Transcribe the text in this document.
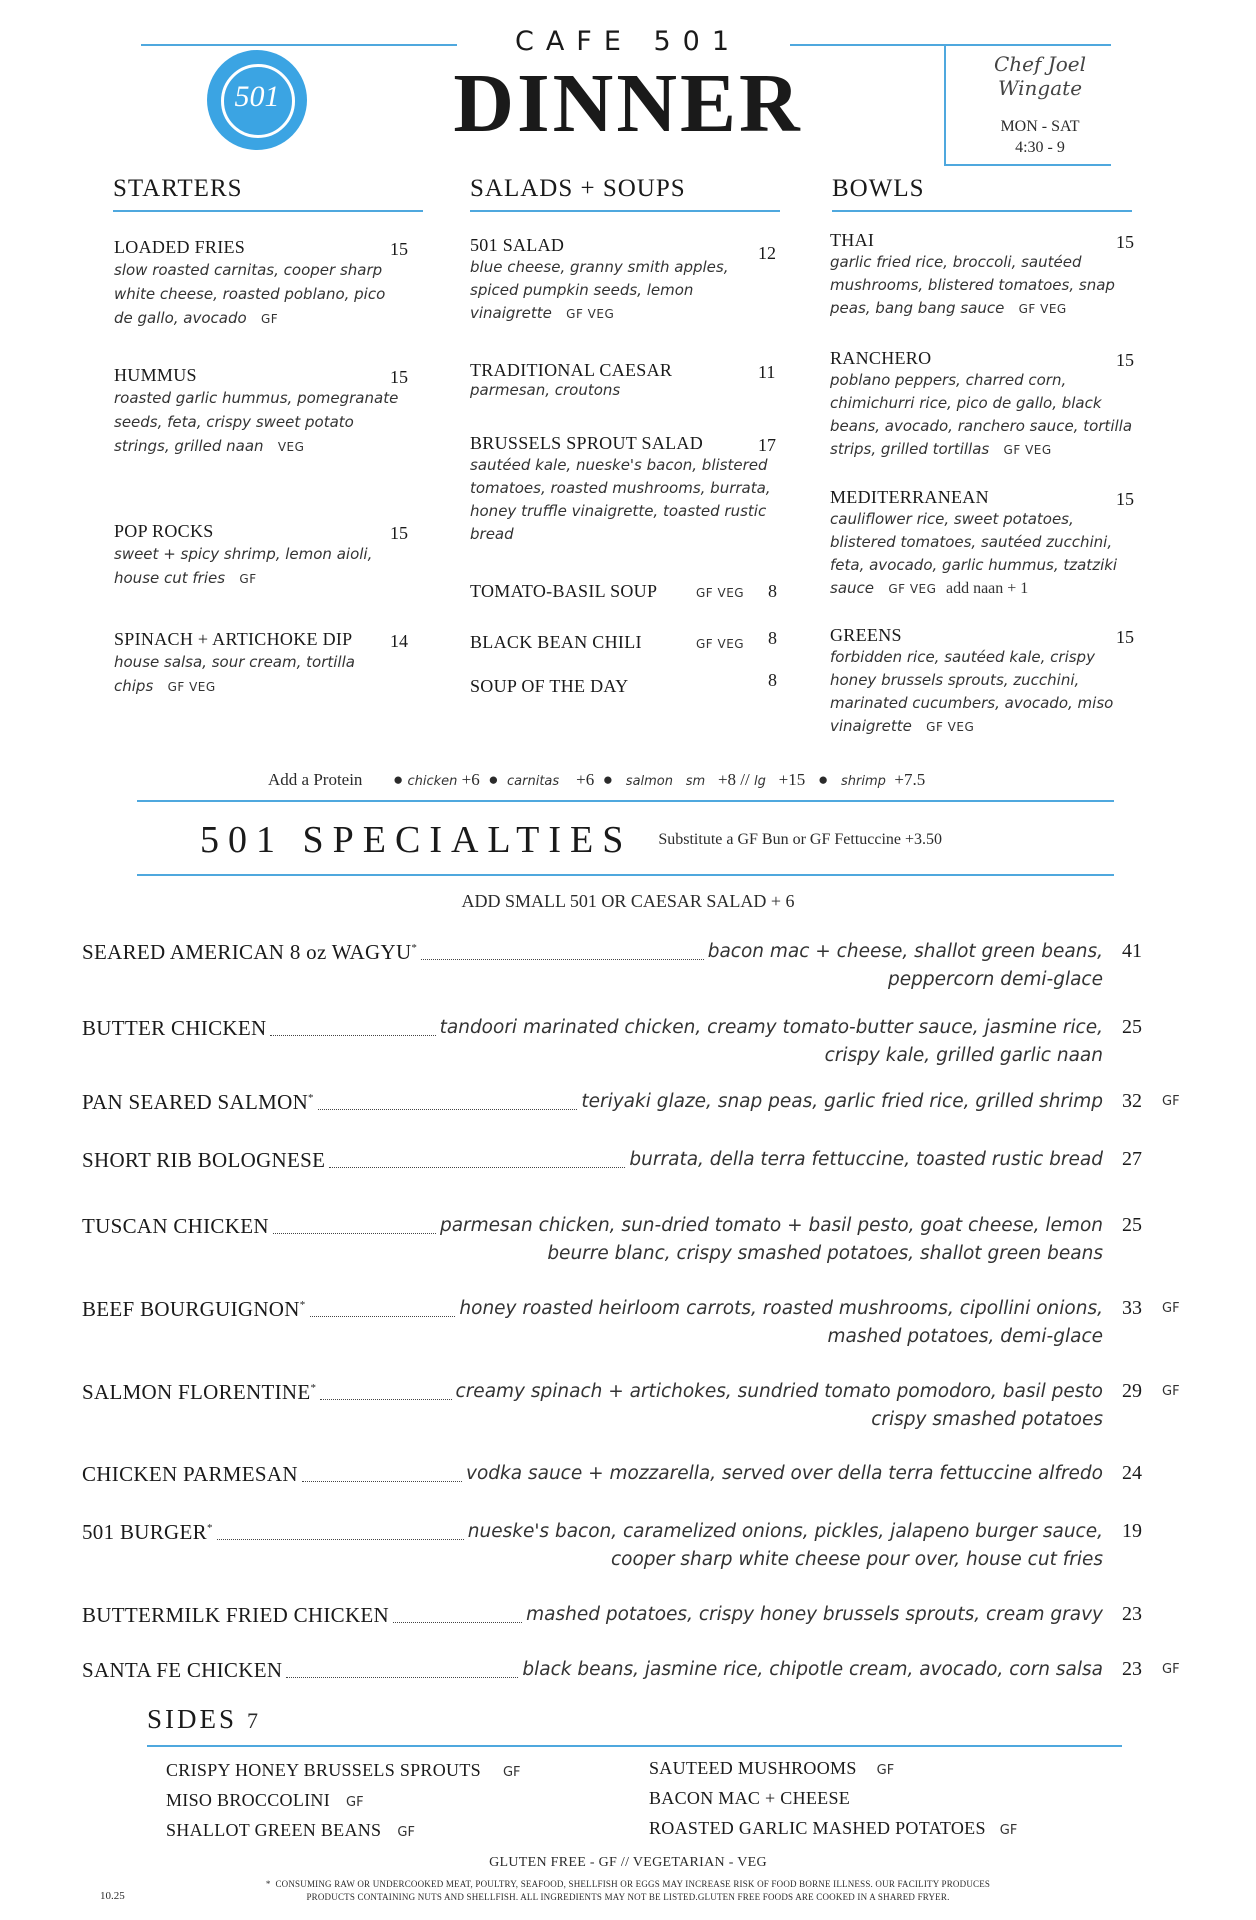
CAFE 501
DINNER
501
Chef Joel Wingate
MON - SAT
4:30 - 9
STARTERS
LOADED FRIES	15
slow roasted carnitas, cooper sharp white cheese, roasted poblano, pico de gallo, avocado GF
HUMMUS	15
roasted garlic hummus, pomegranate seeds, feta, crispy sweet potato strings, grilled naan VEG
POP ROCKS	15
sweet + spicy shrimp, lemon aioli, house cut fries GF
SPINACH + ARTICHOKE DIP	14
house salsa, sour cream, tortilla chips GF VEG
SALADS + SOUPS
501 SALAD	12
blue cheese, granny smith apples, spiced pumpkin seeds, lemon vinaigrette GF VEG
TRADITIONAL CAESAR	11
parmesan, croutons
BRUSSELS SPROUT SALAD	17
sautéed kale, nueske's bacon, blistered tomatoes, roasted mushrooms, burrata, honey truffle vinaigrette, toasted rustic bread
TOMATO-BASIL SOUP	GF VEG 8
BLACK BEAN CHILI	GF VEG 8
SOUP OF THE DAY	8
BOWLS
THAI	15
garlic fried rice, broccoli, sautéed mushrooms, blistered tomatoes, snap peas, bang bang sauce GF VEG
RANCHERO	15
poblano peppers, charred corn, chimichurri rice, pico de gallo, black beans, avocado, ranchero sauce, tortilla strips, grilled tortillas GF VEG
MEDITERRANEAN	15
cauliflower rice, sweet potatoes, blistered tomatoes, sautéed zucchini, feta, avocado, garlic hummus, tzatziki sauce GF VEG add naan + 1
GREENS	15
forbidden rice, sautéed kale, crispy honey brussels sprouts, zucchini, marinated cucumbers, avocado, miso vinaigrette GF VEG
Add a Protein ● chicken +6 ● carnitas +6 ● salmon sm +8 // lg +15 ● shrimp +7.5
501 SPECIALTIES Substitute a GF Bun or GF Fettuccine +3.50
ADD SMALL 501 OR CAESAR SALAD + 6
SEARED AMERICAN 8 oz WAGYU*	bacon mac + cheese, shallot green beans,
peppercorn demi-glace
41
BUTTER CHICKEN	tandoori marinated chicken, creamy tomato-butter sauce, jasmine rice,
crispy kale, grilled garlic naan
25
PAN SEARED SALMON*	teriyaki glaze, snap peas, garlic fried rice, grilled shrimp 32 GF
SHORT RIB BOLOGNESE	burrata, della terra fettuccine, toasted rustic bread 27
TUSCAN CHICKEN	parmesan chicken, sun-dried tomato + basil pesto, goat cheese, lemon
beurre blanc, crispy smashed potatoes, shallot green beans
25
BEEF BOURGUIGNON*	honey roasted heirloom carrots, roasted mushrooms, cipollini onions,
mashed potatoes, demi-glace
33 GF
SALMON FLORENTINE*	creamy spinach + artichokes, sundried tomato pomodoro, basil pesto
crispy smashed potatoes
29 GF
CHICKEN PARMESAN	vodka sauce + mozzarella, served over della terra fettuccine alfredo 24
501 BURGER*	nueske's bacon, caramelized onions, pickles, jalapeno burger sauce,
cooper sharp white cheese pour over, house cut fries
19
BUTTERMILK FRIED CHICKEN	mashed potatoes, crispy honey brussels sprouts, cream gravy 23
SANTA FE CHICKEN	black beans, jasmine rice, chipotle cream, avocado, corn salsa 23 GF
SIDES 7
CRISPY HONEY BRUSSELS SPROUTS GF
MISO BROCCOLINI GF
SHALLOT GREEN BEANS GF
SAUTEED MUSHROOMS GF
BACON MAC + CHEESE
ROASTED GARLIC MASHED POTATOES GF
GLUTEN FREE - GF // VEGETARIAN - VEG
* CONSUMING RAW OR UNDERCOOKED MEAT, POULTRY, SEAFOOD, SHELLFISH OR EGGS MAY INCREASE RISK OF FOOD BORNE ILLNESS. OUR FACILITY PRODUCES
PRODUCTS CONTAINING NUTS AND SHELLFISH. ALL INGREDIENTS MAY NOT BE LISTED.GLUTEN FREE FOODS ARE COOKED IN A SHARED FRYER.
10.25
